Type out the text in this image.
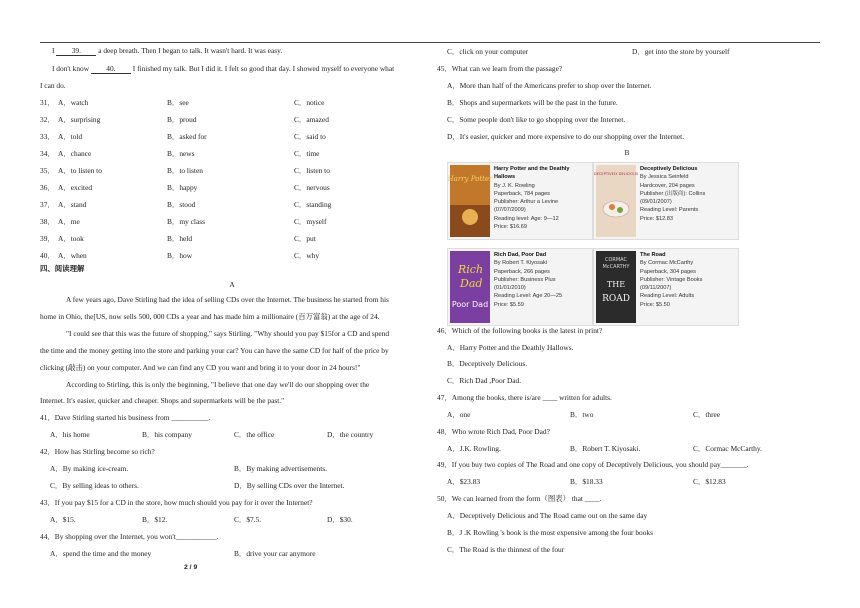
I 39. a deep breath. Then I began to talk. It wasn't hard. It was easy.
I don't know 40. I finished my talk. But I did it. I felt so good that day. I showed myself to everyone what
I can do.
31． A．watch	B．see	C．notice
32． A．surprising	B．proud	C．amazed
33． A．told	B．asked for	C．said to
34． A．chance	B．news	C．time
35． A．to listen to	B．to listen	C．listen to
36． A．excited	B．happy	C．nervous
37． A．stand	B．stood	C．standing
38． A．me	B．my class	C．myself
39． A．took	B．held	C．put
40． A．when	B．how	C．why
四、阅读理解
A
A few years ago, Dave Stirling had the idea of selling CDs over the Internet. The business he started from his
home in Ohio, the[US, now sells 500, 000 CDs a year and has made him a millionaire (百万富翁) at the age of 24.
"I could see that this was the future of shopping," says Stirling. "Why should you pay $15for a CD and spend
the time and the money getting into the store and parking your car? You can have the same CD for half of the price by
clicking (敲击) on your computer. And we can find any CD you want and bring it to your door in 24 hours!"
According to Stirling, this is only the beginning, "I believe that one day we'll do our shopping over the
Internet. It's easier, quicker and cheaper. Shops and supermarkets will be the past."
41．Dave Stirling started his business from __________.
A．his home	B．his company	C．the office	D．the country
42．How has Stirling become so rich?
A．By making ice-cream.	B．By making advertisements.
C．By selling ideas to others.	D．By selling CDs over the Internet.
43．If you pay $15 for a CD in the store, how much should you pay for it over the Internet?
A．$15.	B．$12.	C．$7.5.	D．$30.
44．By shopping over the Internet, you won't___________.
A．spend the time and the money	B．drive your car anymore
2 / 9
C．click on your computer	D．get into the store by yourself
45．What can we learn from the passage?
A．More than half of the Americans prefer to shop over the Internet.
B．Shops and supermarkets will be the past in the future.
C．Some people don't like to go shopping over the Internet.
D．It's easier, quicker and more expensive to do our shopping over the Internet.
B
Harry Potter
Harry Potter and the Deathly
Hallows
By J. K. Rowling
Paperback, 784 pages
Publisher: Arthur a Levine
(07/07/2009)
Reading level: Age: 9—12
Price: $16.69
DECEPTIVELY DELICIOUS
Deceptively Delicious
By Jessica Seinfeld
Hardcover, 204 pages
Publisher (出版商): Collins
(09/01/2007)
Reading Level: Parents
Price: $12.83
Rich
Dad
Poor Dad
Rich Dad, Poor Dad
By Robert T. Kiyosaki
Paperback, 266 pages
Publisher: Business Plus
(01/01/2010)
Reading Level: Age 20—25
Price: $5.59
CORMAC
McCARTHY
THE
ROAD
The Road
By Cormac McCarthy
Paperback, 304 pages
Publisher: Vintage Books
(09/11/2007)
Reading Level: Adults
Price: $5.50
46．Which of the following books is the latest in print?
A．Harry Potter and the Deathly Hallows.
B．Deceptively Delicious.
C．Rich Dad ,Poor Dad.
47．Among the books, there is/are ____ written for adults.
A．one	B．two	C．three
48．Who wrote Rich Dad, Poor Dad?
A．J.K. Rowling.	B．Robert T. Kiyosaki.	C．Cormac McCarthy.
49．If you buy two copies of The Road and one copy of Deceptively Delicious, you should pay_______.
A．$23.83	B．$18.33	C．$12.83
50．We can learned from the form（图表） that ____.
A．Deceptively Delicious and The Road came out on the same day
B．J .K Rowling 's book is the most expensive among the four books
C．The Road is the thinnest of the four
